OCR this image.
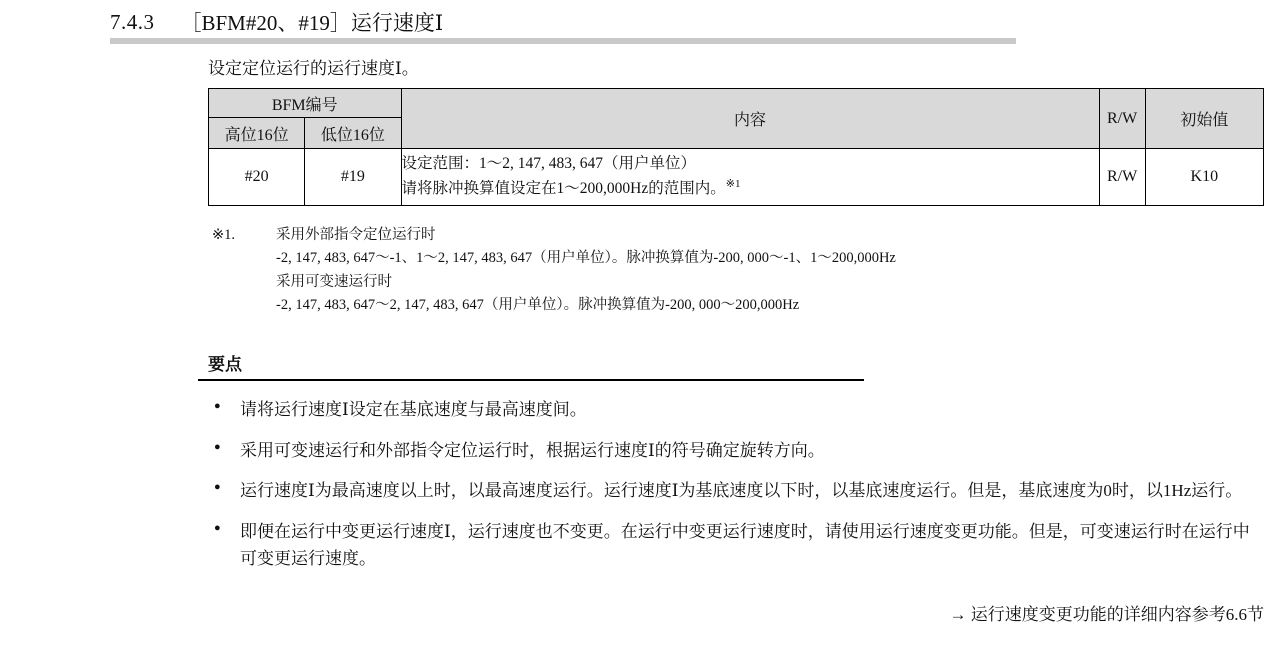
7.4.3 ［BFM#20、#19］运行速度Ⅰ
设定定位运行的运行速度Ⅰ。
BFM编号		内容	R/W	初始值
高位16位	低位16位			
#20	#19	设定范围：1～2, 147, 483, 647（用户单位）
请将脉冲换算值设定在1～200,000Hz的范围内。$^{※1}$	R/W	K10
※1.	采用外部指令定位运行时
-2, 147, 483, 647～-1、1～2, 147, 483, 647（用户单位）。脉冲换算值为-200, 000～-1、1～200,000Hz
采用可变速运行时
-2, 147, 483, 647～2, 147, 483, 647（用户单位）。脉冲换算值为-200, 000～200,000Hz
要点
● 请将运行速度Ⅰ设定在基底速度与最高速度间。
● 采用可变速运行和外部指令定位运行时，根据运行速度Ⅰ的符号确定旋转方向。
● 运行速度Ⅰ为最高速度以上时，以最高速度运行。运行速度Ⅰ为基底速度以下时，以基底速度运行。但是，基底速度为0时，以1Hz运行。
● 即便在运行中变更运行速度Ⅰ，运行速度也不变更。在运行中变更运行速度时，请使用运行速度变更功能。但是，可变速运行时在运行中可变更运行速度。
→ 运行速度变更功能的详细内容参考6.6节
